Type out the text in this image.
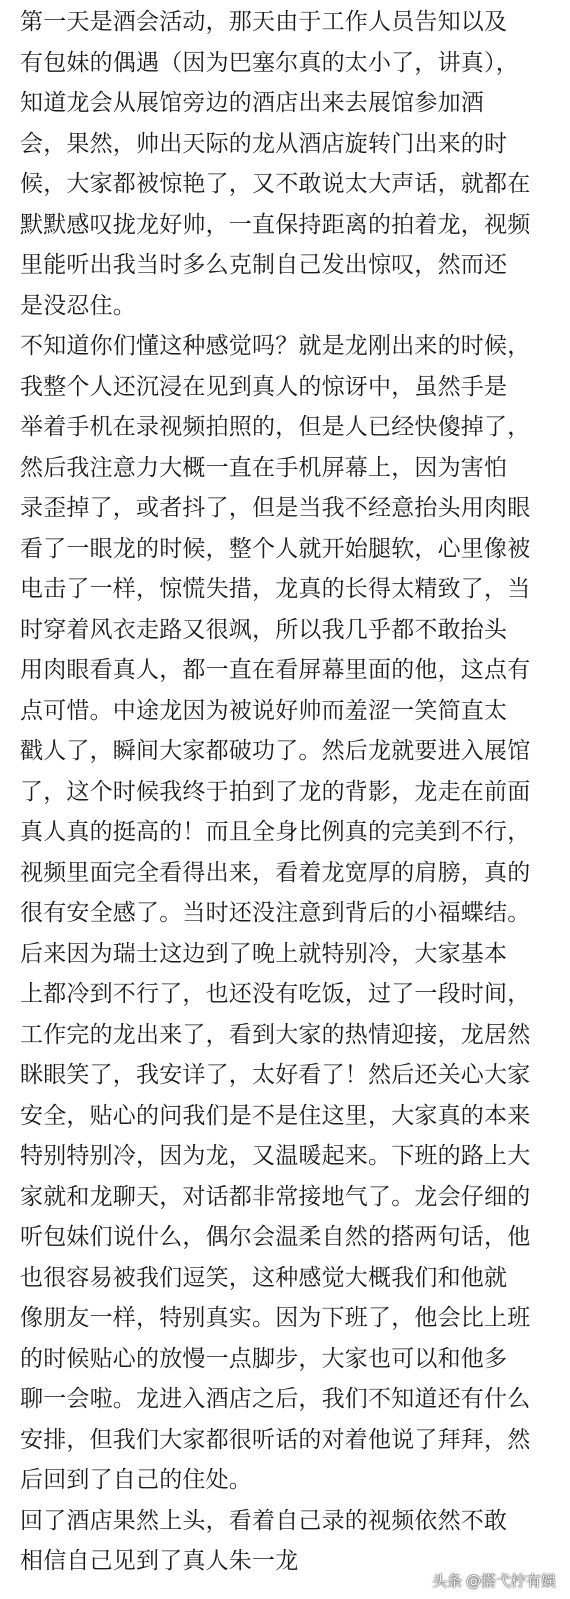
第一天是酒会活动，那天由于工作人员告知以及
有包妹的偶遇（因为巴塞尔真的太小了，讲真），
知道龙会从展馆旁边的酒店出来去展馆参加酒
会，果然，帅出天际的龙从酒店旋转门出来的时
候，大家都被惊艳了，又不敢说太大声话，就都在
默默感叹拢龙好帅，一直保持距离的拍着龙，视频
里能听出我当时多么克制自己发出惊叹，然而还
是没忍住。
不知道你们懂这种感觉吗？就是龙刚出来的时候，
我整个人还沉浸在见到真人的惊讶中，虽然手是
举着手机在录视频拍照的，但是人已经快傻掉了，
然后我注意力大概一直在手机屏幕上，因为害怕
录歪掉了，或者抖了，但是当我不经意抬头用肉眼
看了一眼龙的时候，整个人就开始腿软，心里像被
电击了一样，惊慌失措，龙真的长得太精致了，当
时穿着风衣走路又很飒，所以我几乎都不敢抬头
用肉眼看真人，都一直在看屏幕里面的他，这点有
点可惜。中途龙因为被说好帅而羞涩一笑简直太
戳人了，瞬间大家都破功了。然后龙就要进入展馆
了，这个时候我终于拍到了龙的背影，龙走在前面
真人真的挺高的！而且全身比例真的完美到不行，
视频里面完全看得出来，看着龙宽厚的肩膀，真的
很有安全感了。当时还没注意到背后的小福蝶结。
后来因为瑞士这边到了晚上就特别冷，大家基本
上都冷到不行了，也还没有吃饭，过了一段时间，
工作完的龙出来了，看到大家的热情迎接，龙居然
眯眼笑了，我安详了，太好看了！然后还关心大家
安全，贴心的问我们是不是住这里，大家真的本来
特别特别冷，因为龙，又温暖起来。下班的路上大
家就和龙聊天，对话都非常接地气了。龙会仔细的
听包妹们说什么，偶尔会温柔自然的搭两句话，他
也很容易被我们逗笑，这种感觉大概我们和他就
像朋友一样，特别真实。因为下班了，他会比上班
的时候贴心的放慢一点脚步，大家也可以和他多
聊一会啦。龙进入酒店之后，我们不知道还有什么
安排，但我们大家都很听话的对着他说了拜拜，然
后回到了自己的住处。
回了酒店果然上头，看着自己录的视频依然不敢
相信自己见到了真人朱一龙
头条 @搭弋柠有娱
